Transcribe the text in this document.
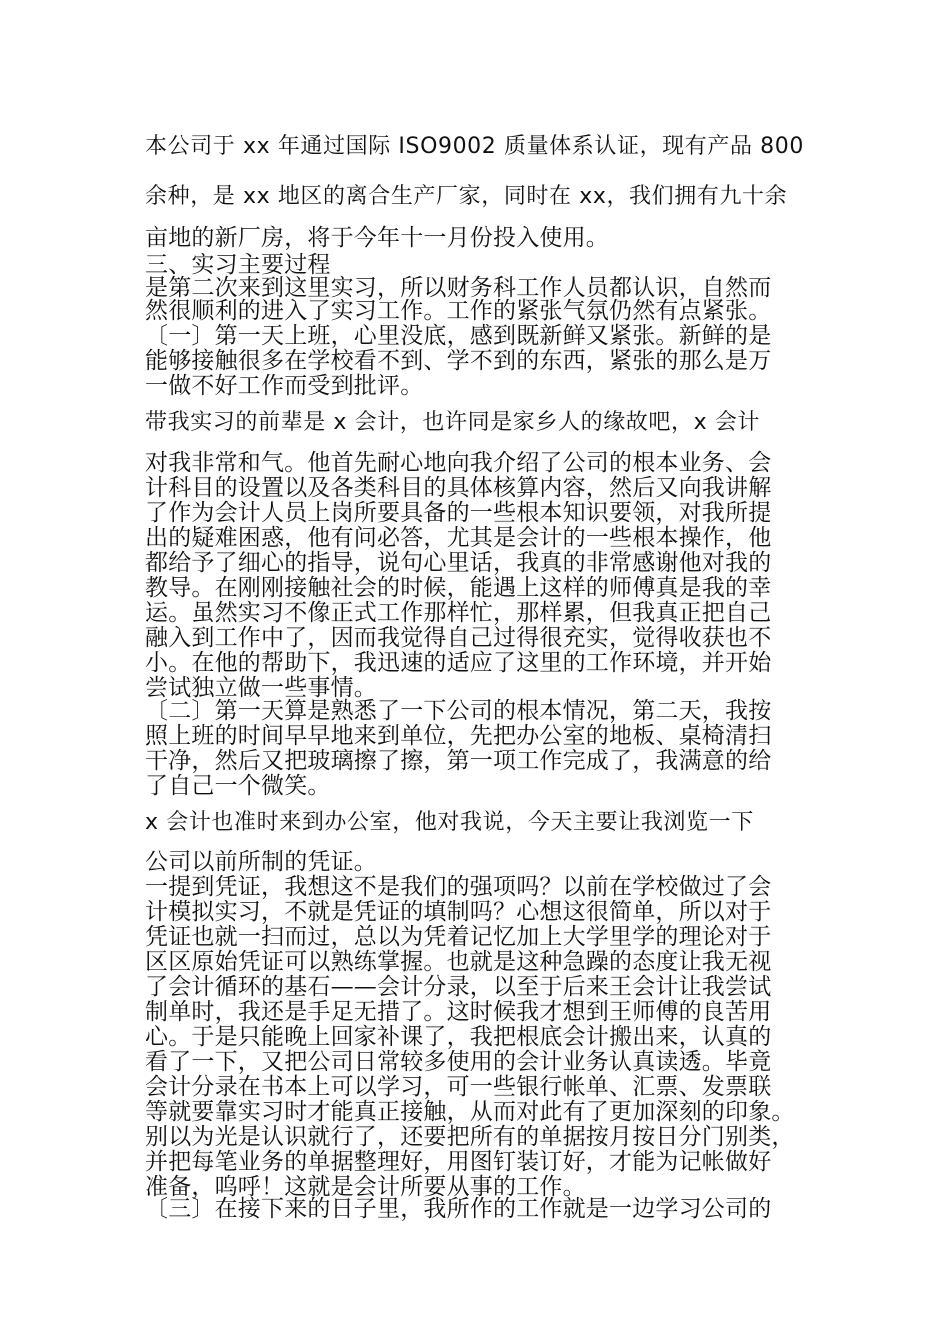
本公司于 xx 年通过国际 ISO9002 质量体系认证，现有产品 800

余种，是 xx 地区的离合生产厂家，同时在 xx，我们拥有九十余

亩地的新厂房，将于今年十一月份投入使用。

三、实习主要过程

是第二次来到这里实习，所以财务科工作人员都认识，自然而

然很顺利的进入了实习工作。工作的紧张气氛仍然有点紧张。

〔一〕第一天上班，心里没底，感到既新鲜又紧张。新鲜的是

能够接触很多在学校看不到、学不到的东西，紧张的那么是万

一做不好工作而受到批评。

带我实习的前辈是 x 会计，也许同是家乡人的缘故吧，x 会计

对我非常和气。他首先耐心地向我介绍了公司的根本业务、会

计科目的设置以及各类科目的具体核算内容，然后又向我讲解

了作为会计人员上岗所要具备的一些根本知识要领，对我所提

出的疑难困惑，他有问必答，尤其是会计的一些根本操作，他

都给予了细心的指导，说句心里话，我真的非常感谢他对我的

教导。在刚刚接触社会的时候，能遇上这样的师傅真是我的幸

运。虽然实习不像正式工作那样忙，那样累，但我真正把自己

融入到工作中了，因而我觉得自己过得很充实，觉得收获也不

小。在他的帮助下，我迅速的适应了这里的工作环境，并开始

尝试独立做一些事情。

〔二〕第一天算是熟悉了一下公司的根本情况，第二天，我按

照上班的时间早早地来到单位，先把办公室的地板、桌椅清扫

干净，然后又把玻璃擦了擦，第一项工作完成了，我满意的给

了自己一个微笑。

x 会计也准时来到办公室，他对我说，今天主要让我浏览一下

公司以前所制的凭证。

一提到凭证，我想这不是我们的强项吗？以前在学校做过了会

计模拟实习，不就是凭证的填制吗？心想这很简单，所以对于

凭证也就一扫而过，总以为凭着记忆加上大学里学的理论对于

区区原始凭证可以熟练掌握。也就是这种急躁的态度让我无视

了会计循环的基石——会计分录，以至于后来王会计让我尝试

制单时，我还是手足无措了。这时候我才想到王师傅的良苦用

心。于是只能晚上回家补课了，我把根底会计搬出来，认真的

看了一下，又把公司日常较多使用的会计业务认真读透。毕竟

会计分录在书本上可以学习，可一些银行帐单、汇票、发票联

等就要靠实习时才能真正接触，从而对此有了更加深刻的印象。

别以为光是认识就行了，还要把所有的单据按月按日分门别类，

并把每笔业务的单据整理好，用图钉装订好，才能为记帐做好

准备，呜呼！这就是会计所要从事的工作。

〔三〕在接下来的日子里，我所作的工作就是一边学习公司的
